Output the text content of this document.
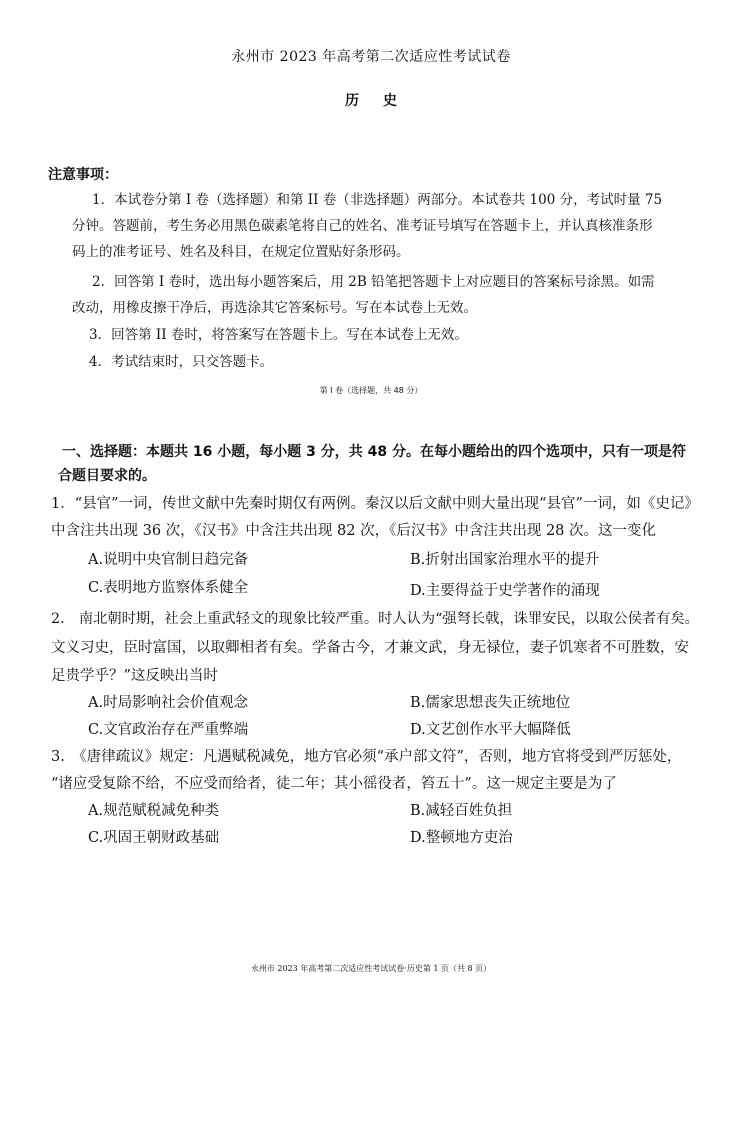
永州市 2023 年高考第二次适应性考试试卷
历史
注意事项：
1．本试卷分第 I 卷（选择题）和第 II 卷（非选择题）两部分。本试卷共 100 分，考试时量 75
分钟。答题前，考生务必用黑色碳素笔将自己的姓名、准考证号填写在答题卡上，并认真核准条形
码上的准考证号、姓名及科目，在规定位置贴好条形码。
2．回答第 I 卷时，选出每小题答案后，用 2B 铅笔把答题卡上对应题目的答案标号涂黑。如需
改动，用橡皮擦干净后，再选涂其它答案标号。写在本试卷上无效。
3．回答第 II 卷时，将答案写在答题卡上。写在本试卷上无效。
4．考试结束时，只交答题卡。
第 I 卷（选择题，共 48 分）
一、选择题：本题共 16 小题，每小题 3 分，共 48 分。在每小题给出的四个选项中，只有一项是符
合题目要求的。
1．“县官”一词，传世文献中先秦时期仅有两例。秦汉以后文献中则大量出现“县官”一词，如《史记》
中含注共出现 36 次，《汉书》中含注共出现 82 次，《后汉书》中含注共出现 28 次。这一变化
A.说明中央官制日趋完备	B.折射出国家治理水平的提升
C.表明地方监察体系健全	D.主要得益于史学著作的涌现
2.　南北朝时期，社会上重武轻文的现象比较严重。时人认为“强弩长戟，诛罪安民，以取公侯者有矣。
文义习史，臣时富国，以取卿相者有矣。学备古今，才兼文武，身无禄位，妻子饥寒者不可胜数，安
足贵学乎？”这反映出当时
A.时局影响社会价值观念	B.儒家思想丧失正统地位
C.文官政治存在严重弊端	D.文艺创作水平大幅降低
3.　《唐律疏议》规定：凡遇赋税减免，地方官必须“承户部文符”，否则，地方官将受到严厉惩处，
“诸应受复除不给，不应受而给者，徒二年；其小徭役者，笞五十”。这一规定主要是为了
A.规范赋税减免种类	B.减轻百姓负担
C.巩固王朝财政基础	D.整顿地方吏治
永州市 2023 年高考第二次适应性考试试卷·历史第 1 页（共 8 页）
